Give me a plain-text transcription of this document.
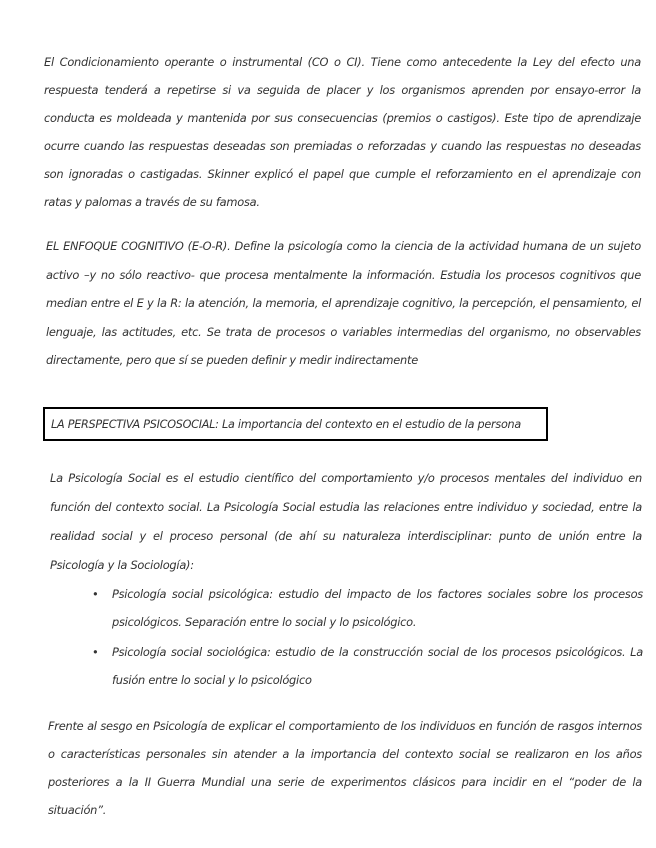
El Condicionamiento operante o instrumental (CO o CI). Tiene como antecedente la Ley del efecto una respuesta tenderá a repetirse si va seguida de placer y los organismos aprenden por ensayo-error la conducta es moldeada y mantenida por sus consecuencias (premios o castigos). Este tipo de aprendizaje ocurre cuando las respuestas deseadas son premiadas o reforzadas y cuando las respuestas no deseadas son ignoradas o castigadas. Skinner explicó el papel que cumple el reforzamiento en el aprendizaje con ratas y palomas a través de su famosa.

EL ENFOQUE COGNITIVO (E-O-R). Define la psicología como la ciencia de la actividad humana de un sujeto activo –y no sólo reactivo- que procesa mentalmente la información. Estudia los procesos cognitivos que median entre el E y la R: la atención, la memoria, el aprendizaje cognitivo, la percepción, el pensamiento, el lenguaje, las actitudes, etc. Se trata de procesos o variables intermedias del organismo, no observables directamente, pero que sí se pueden definir y medir indirectamente

LA PERSPECTIVA PSICOSOCIAL: La importancia del contexto en el estudio de la persona

La Psicología Social es el estudio científico del comportamiento y/o procesos mentales del individuo en función del contexto social. La Psicología Social estudia las relaciones entre individuo y sociedad, entre la realidad social y el proceso personal (de ahí su naturaleza interdisciplinar: punto de unión entre la Psicología y la Sociología):

• Psicología social psicológica: estudio del impacto de los factores sociales sobre los procesos psicológicos. Separación entre lo social y lo psicológico.
• Psicología social sociológica: estudio de la construcción social de los procesos psicológicos. La fusión entre lo social y lo psicológico

Frente al sesgo en Psicología de explicar el comportamiento de los individuos en función de rasgos internos o características personales sin atender a la importancia del contexto social se realizaron en los años posteriores a la II Guerra Mundial una serie de experimentos clásicos para incidir en el “poder de la situación”.
